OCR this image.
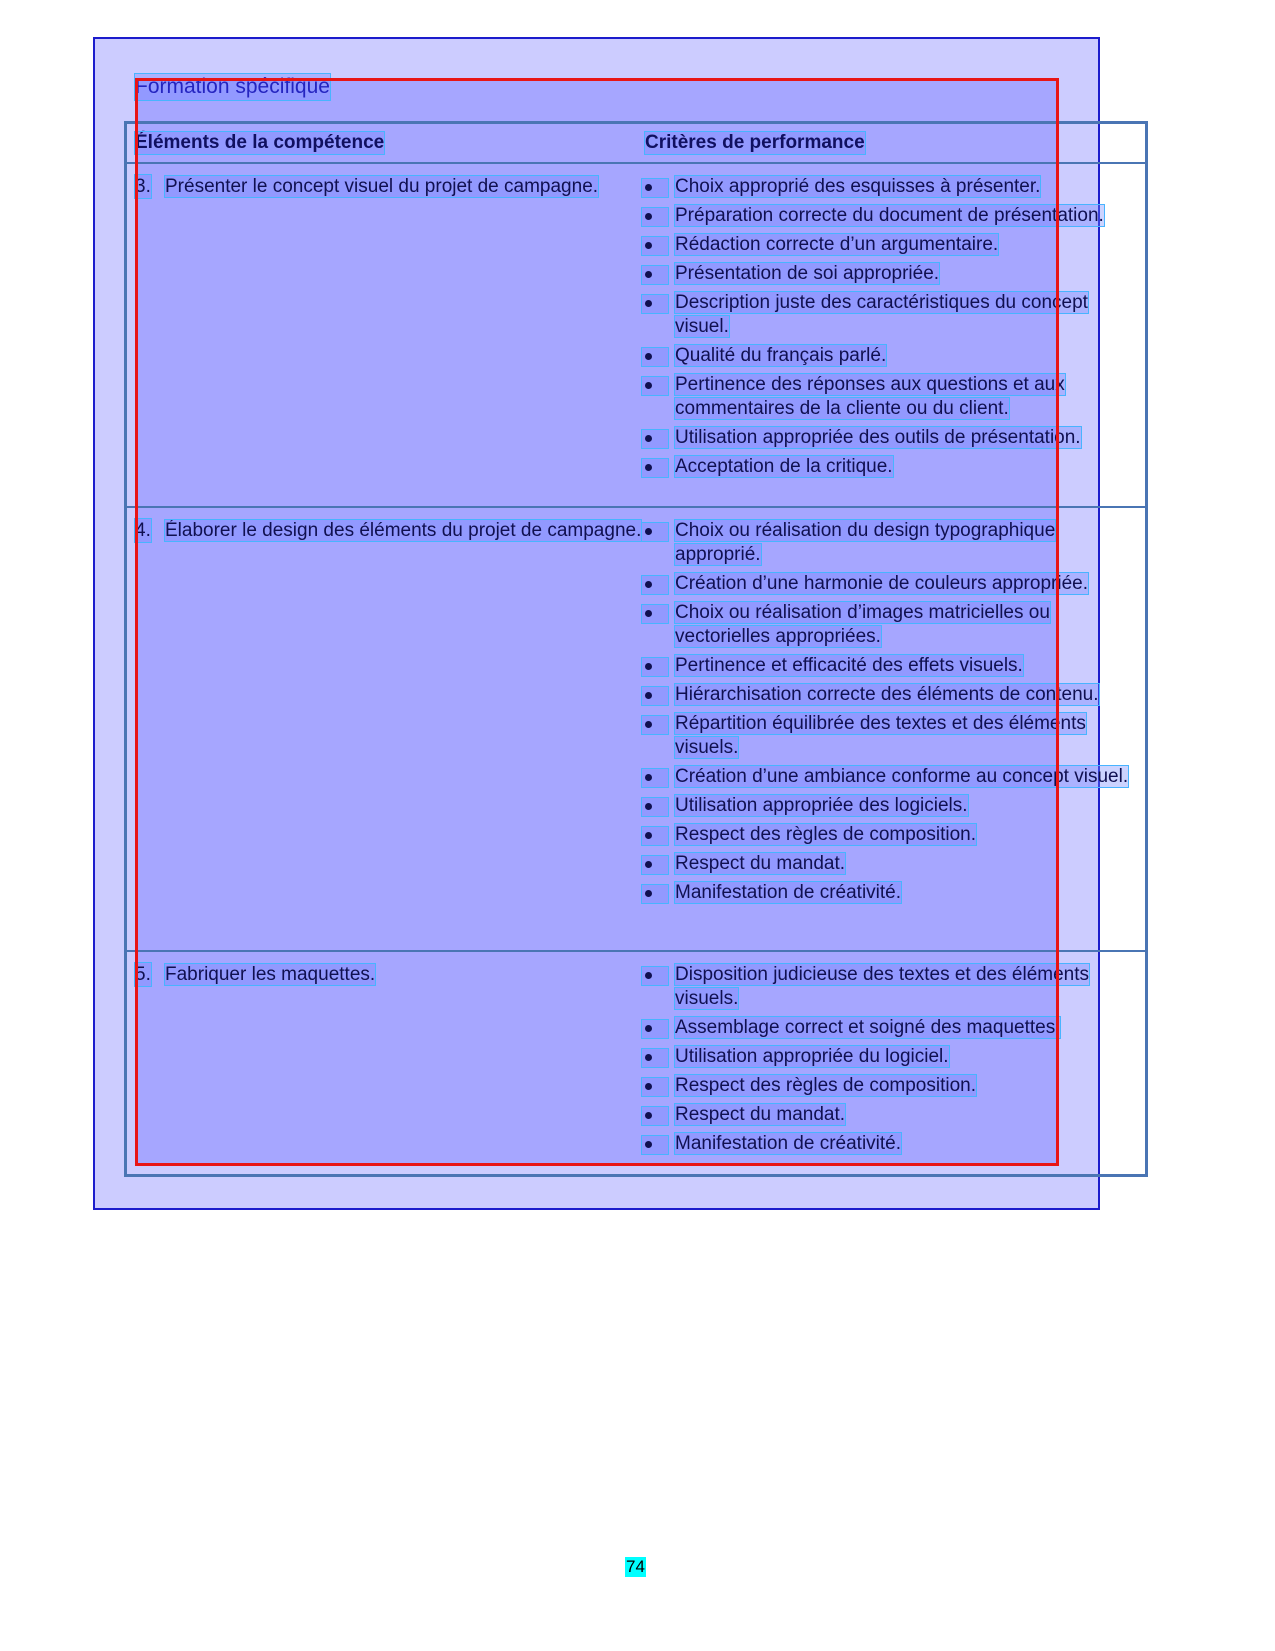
Formation spécifique
Éléments de la compétence	Critères de performance
3. Présenter le concept visuel du projet de campagne.	Choix approprié des esquisses à présenter.
Préparation correcte du document de présentation.
Rédaction correcte d’un argumentaire.
Présentation de soi appropriée.
Description juste des caractéristiques du concept visuel.
Qualité du français parlé.
Pertinence des réponses aux questions et aux commentaires de la cliente ou du client.
Utilisation appropriée des outils de présentation.
Acceptation de la critique.
4. Élaborer le design des éléments du projet de campagne.	Choix ou réalisation du design typographique approprié.
Création d’une harmonie de couleurs appropriée.
Choix ou réalisation d’images matricielles ou vectorielles appropriées.
Pertinence et efficacité des effets visuels.
Hiérarchisation correcte des éléments de contenu.
Répartition équilibrée des textes et des éléments visuels.
Création d’une ambiance conforme au concept visuel.
Utilisation appropriée des logiciels.
Respect des règles de composition.
Respect du mandat.
Manifestation de créativité.
5. Fabriquer les maquettes.	Disposition judicieuse des textes et des éléments visuels.
Assemblage correct et soigné des maquettes.
Utilisation appropriée du logiciel.
Respect des règles de composition.
Respect du mandat.
Manifestation de créativité.
74
